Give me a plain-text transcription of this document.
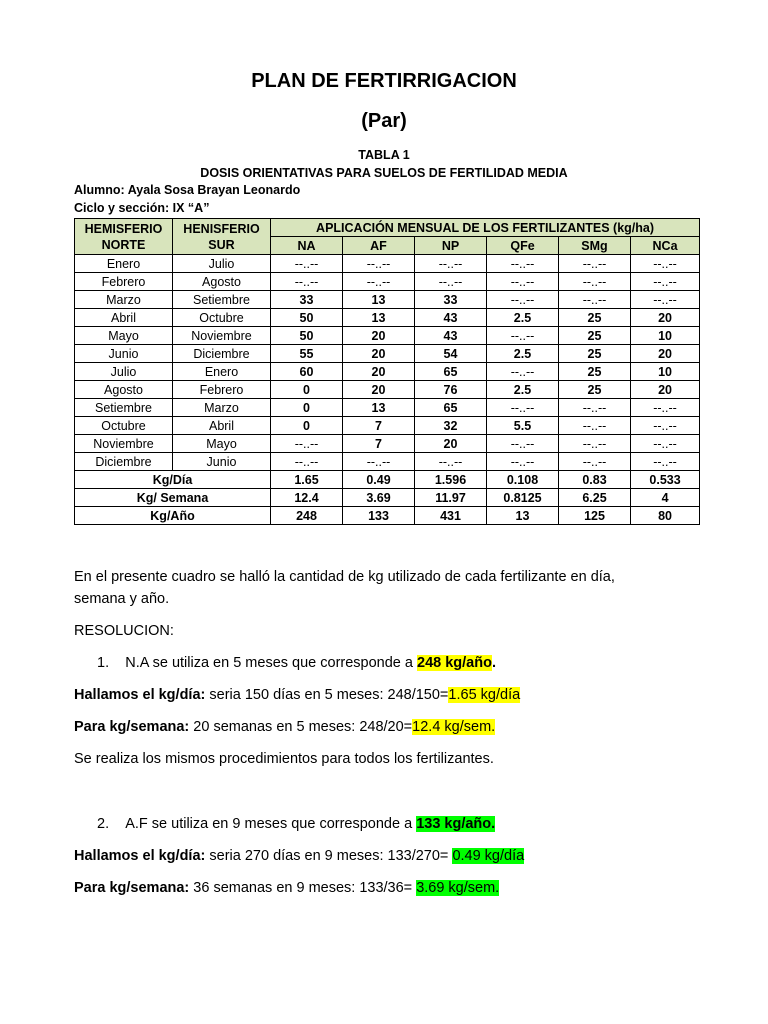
PLAN DE FERTIRRIGACION
(Par)
TABLA 1
DOSIS ORIENTATIVAS PARA SUELOS DE FERTILIDAD MEDIA
Alumno: Ayala Sosa Brayan Leonardo
Ciclo y sección: IX “A”
HEMISFERIO
NORTE	HENISFERIO
SUR	APLICACIÓN MENSUAL DE LOS FERTILIZANTES (kg/ha)					
		NA	AF	NP	QFe	SMg	NCa
Enero	Julio	--..--	--..--	--..--	--..--	--..--	--..--
Febrero	Agosto	--..--	--..--	--..--	--..--	--..--	--..--
Marzo	Setiembre	33	13	33	--..--	--..--	--..--
Abril	Octubre	50	13	43	2.5	25	20
Mayo	Noviembre	50	20	43	--..--	25	10
Junio	Diciembre	55	20	54	2.5	25	20
Julio	Enero	60	20	65	--..--	25	10
Agosto	Febrero	0	20	76	2.5	25	20
Setiembre	Marzo	0	13	65	--..--	--..--	--..--
Octubre	Abril	0	7	32	5.5	--..--	--..--
Noviembre	Mayo	--..--	7	20	--..--	--..--	--..--
Diciembre	Junio	--..--	--..--	--..--	--..--	--..--	--..--
Kg/Día		1.65	0.49	1.596	0.108	0.83	0.533
Kg/ Semana		12.4	3.69	11.97	0.8125	6.25	4
Kg/Año		248	133	431	13	125	80
En el presente cuadro se halló la cantidad de kg utilizado de cada fertilizante en día,
semana y año.
RESOLUCION:
1. N.A se utiliza en 5 meses que corresponde a 248 kg/año.
Hallamos el kg/día: seria 150 días en 5 meses: 248/150=1.65 kg/día
Para kg/semana: 20 semanas en 5 meses: 248/20=12.4 kg/sem.
Se realiza los mismos procedimientos para todos los fertilizantes.
2. A.F se utiliza en 9 meses que corresponde a 133 kg/año.
Hallamos el kg/día: seria 270 días en 9 meses: 133/270= 0.49 kg/día
Para kg/semana: 36 semanas en 9 meses: 133/36= 3.69 kg/sem.
